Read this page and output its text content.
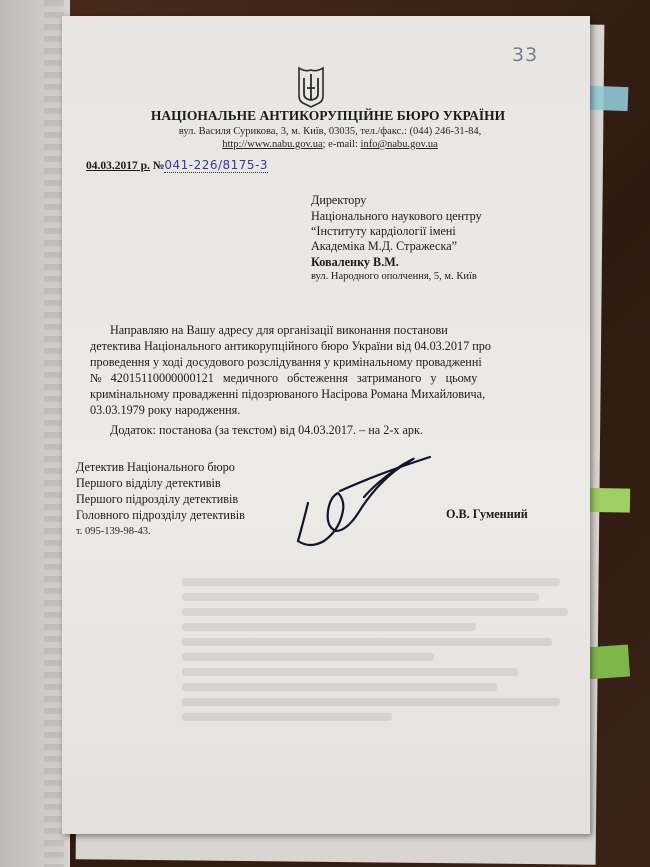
33
НАЦІОНАЛЬНЕ АНТИКОРУПЦІЙНЕ БЮРО УКРАЇНИ
вул. Василя Сурикова, 3, м. Київ, 03035, тел./факс.: (044) 246-31-84,
http://www.nabu.gov.ua; e-mail: info@nabu.gov.ua
04.03.2017 р. №041-226/8175-3
Директору
Національного наукового центру
“Інституту кардіології імені
Академіка М.Д. Стражеска”
Коваленку В.М.
вул. Народного ополчення, 5, м. Київ
Направляю на Вашу адресу для організації виконання постанови
детектива Національного антикорупційного бюро України від 04.03.2017 про
проведення у ході досудового розслідування у кримінальному провадженні
№ 42015110000000121 медичного обстеження затриманого у цьому
кримінальному провадженні підозрюваного Насірова Романа Михайловича,
03.03.1979 року народження.
Додаток: постанова (за текстом) від 04.03.2017. – на 2-х арк.
Детектив Національного бюро
Першого відділу детективів
Першого підрозділу детективів
Головного підрозділу детективів
т. 095-139-98-43.
О.В. Гуменний
